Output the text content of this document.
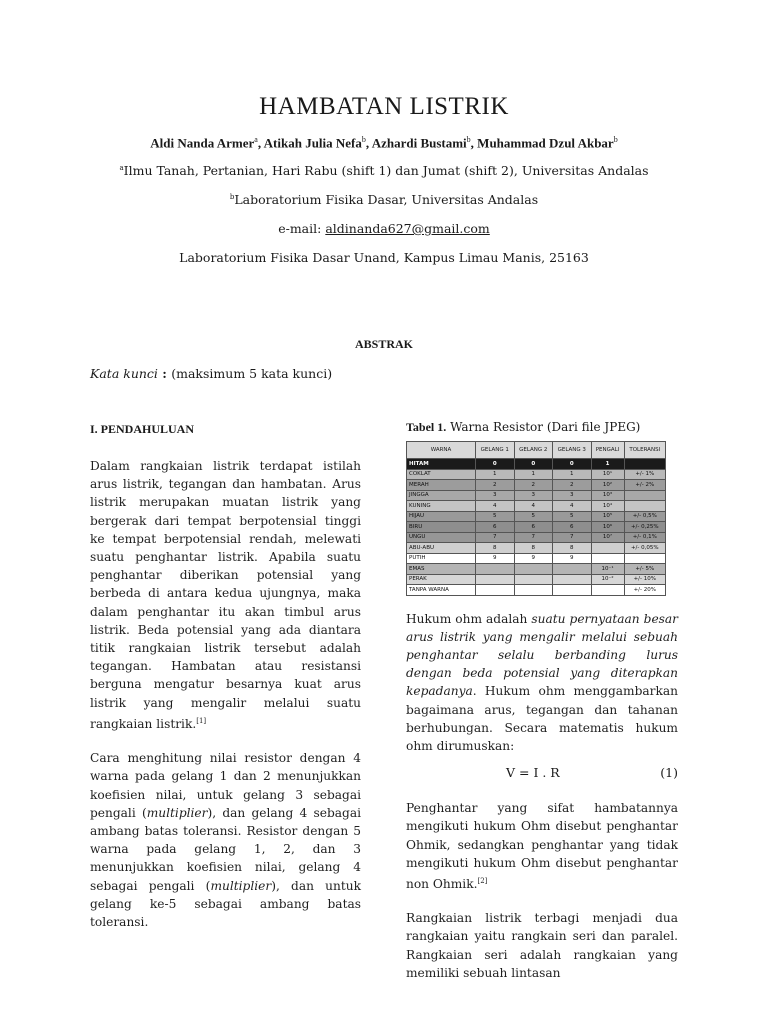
HAMBATAN LISTRIK
Aldi Nanda Armer$^a$, Atikah Julia Nefa$^b$, Azhardi Bustami$^b$, Muhammad Dzul Akbar$^b$
$^a$Ilmu Tanah, Pertanian, Hari Rabu (shift 1) dan Jumat (shift 2), Universitas Andalas
$^b$Laboratorium Fisika Dasar, Universitas Andalas
e-mail: aldinanda627@gmail.com
Laboratorium Fisika Dasar Unand, Kampus Limau Manis, 25163
ABSTRAK
Kata kunci : (maksimum 5 kata kunci)
I. PENDAHULUAN

Dalam rangkaian listrik terdapat istilah arus listrik, tegangan dan hambatan. Arus listrik merupakan muatan listrik yang bergerak dari tempat berpotensial tinggi ke tempat berpotensial rendah, melewati suatu penghantar listrik. Apabila suatu penghantar diberikan potensial yang berbeda di antara kedua ujungnya, maka dalam penghantar itu akan timbul arus listrik. Beda potensial yang ada diantara titik rangkaian listrik tersebut adalah tegangan. Hambatan atau resistansi berguna mengatur besarnya kuat arus listrik yang mengalir melalui suatu rangkaian listrik.[1]

Cara menghitung nilai resistor dengan 4 warna pada gelang 1 dan 2 menunjukkan koefisien nilai, untuk gelang 3 sebagai pengali (multiplier), dan gelang 4 sebagai ambang batas toleransi. Resistor dengan 5 warna pada gelang 1, 2, dan 3 menunjukkan koefisien nilai, gelang 4 sebagai pengali (multiplier), dan untuk gelang ke-5 sebagai ambang batas toleransi.

Tabel 1. Warna Resistor (Dari file JPEG)
WARNA	GELANG 1	GELANG 2	GELANG 3	PENGALI	TOLERANSI
HITAM	0	0	0	1	
COKLAT	1	1	1	10¹	+/- 1%
MERAH	2	2	2	10²	+/- 2%
JINGGA	3	3	3	10³	
KUNING	4	4	4	10⁴	
HIJAU	5	5	5	10⁵	+/- 0,5%
BIRU	6	6	6	10⁶	+/- 0,25%
UNGU	7	7	7	10⁷	+/- 0,1%
ABU-ABU	8	8	8		+/- 0,05%
PUTIH	9	9	9		
EMAS				10⁻¹	+/- 5%
PERAK				10⁻²	+/- 10%
TANPA WARNA					+/- 20%

Hukum ohm adalah suatu pernyataan besar arus listrik yang mengalir melalui sebuah penghantar selalu berbanding lurus dengan beda potensial yang diterapkan kepadanya. Hukum ohm menggambarkan bagaimana arus, tegangan dan tahanan berhubungan. Secara matematis hukum ohm dirumuskan:

V = I . R	(1)

Penghantar yang sifat hambatannya mengikuti hukum Ohm disebut penghantar Ohmik, sedangkan penghantar yang tidak mengikuti hukum Ohm disebut penghantar non Ohmik.[2]

Rangkaian listrik terbagi menjadi dua rangkaian yaitu rangkain seri dan paralel. Rangkaian seri adalah rangkaian yang memiliki sebuah lintasan
